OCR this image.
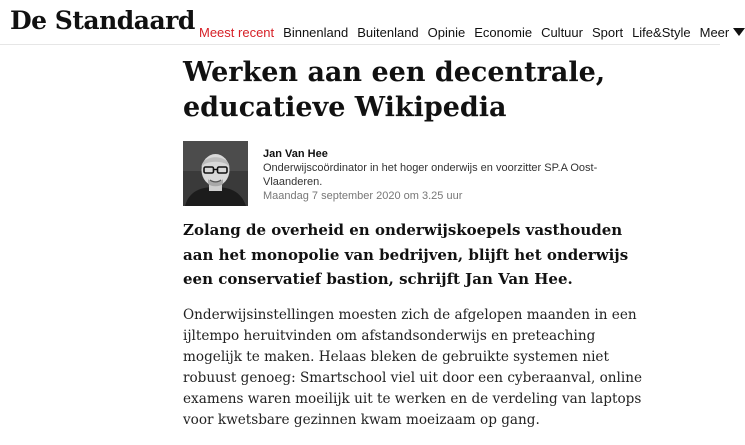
De Standaard Meest recent Binnenland Buitenland Opinie Economie Cultuur Sport Life&Style Meer
Werken aan een decentrale, educatieve Wikipedia
Jan Van Hee
Onderwijscoördinator in het hoger onderwijs en voorzitter SP.A Oost-Vlaanderen.
Maandag 7 september 2020 om 3.25 uur

Zolang de overheid en onderwijskoepels vasthouden aan het monopolie van bedrijven, blijft het onderwijs een conservatief bastion, schrijft Jan Van Hee.

Onderwijsinstellingen moesten zich de afgelopen maanden in een ijltempo heruitvinden om afstandsonderwijs en preteaching mogelijk te maken. Helaas bleken de gebruikte systemen niet robuust genoeg: Smartschool viel uit door een cyberaanval, online examens waren moeilijk uit te werken en de verdeling van laptops voor kwetsbare gezinnen kwam moeizaam op gang.
